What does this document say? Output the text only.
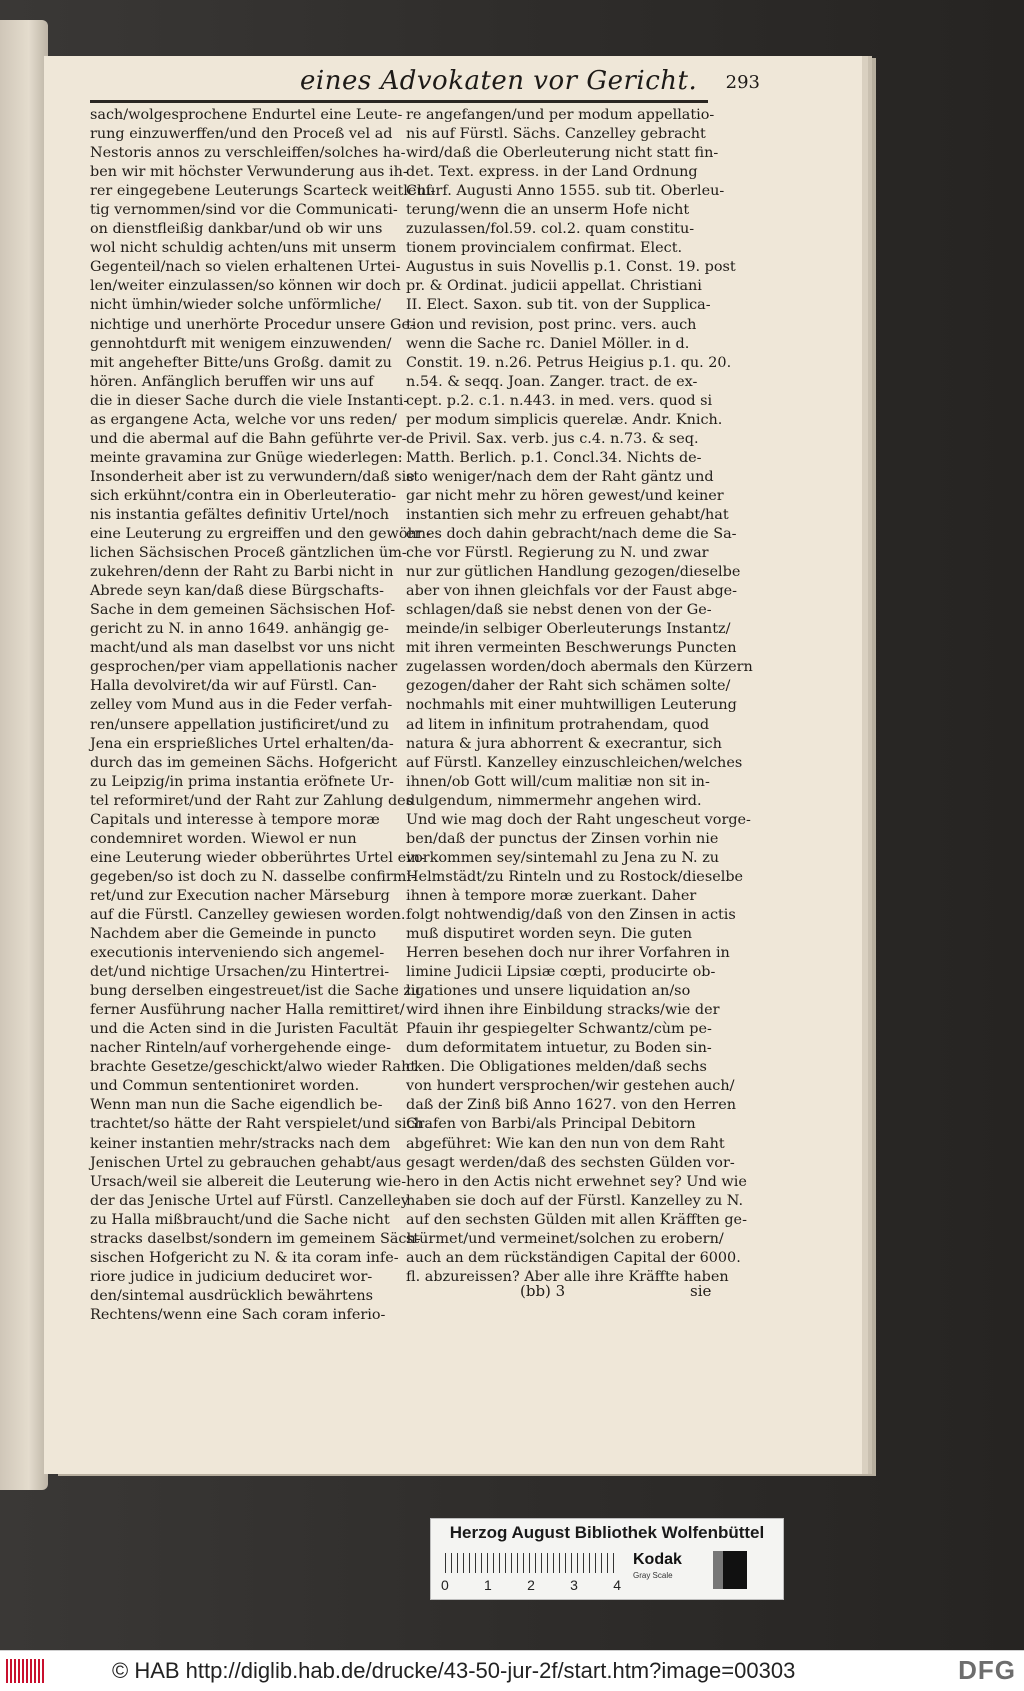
eines Advokaten vor Gericht. 293
sach/wolgesprochene Endurtel eine Leute-
rung einzuwerffen/und den Proceß vel ad
Nestoris annos zu verschleiffen/solches ha-
ben wir mit höchster Verwunderung aus ih-
rer eingegebene Leuterungs Scarteck weitleuf-
tig vernommen/sind vor die Communicati-
on dienstfleißig dankbar/und ob wir uns
wol nicht schuldig achten/uns mit unserm
Gegenteil/nach so vielen erhaltenen Urtei-
len/weiter einzulassen/so können wir doch
nicht ümhin/wieder solche unförmliche/
nichtige und unerhörte Procedur unsere Ge-
gennohtdurft mit wenigem einzuwenden/
mit angehefter Bitte/uns Großg. damit zu
hören. Anfänglich beruffen wir uns auf
die in dieser Sache durch die viele Instanti-
as ergangene Acta, welche vor uns reden/
und die abermal auf die Bahn geführte ver-
meinte gravamina zur Gnüge wiederlegen:
Insonderheit aber ist zu verwundern/daß sie
sich erkühnt/contra ein in Oberleuteratio-
nis instantia gefältes definitiv Urtel/noch
eine Leuterung zu ergreiffen und den gewöhn-
lichen Sächsischen Proceß gäntzlichen üm-
zukehren/denn der Raht zu Barbi nicht in
Abrede seyn kan/daß diese Bürgschafts-
Sache in dem gemeinen Sächsischen Hof-
gericht zu N. in anno 1649. anhängig ge-
macht/und als man daselbst vor uns nicht
gesprochen/per viam appellationis nacher
Halla devolviret/da wir auf Fürstl. Can-
zelley vom Mund aus in die Feder verfah-
ren/unsere appellation justificiret/und zu
Jena ein ersprießliches Urtel erhalten/da-
durch das im gemeinen Sächs. Hofgericht
zu Leipzig/in prima instantia eröfnete Ur-
tel reformiret/und der Raht zur Zahlung des
Capitals und interesse à tempore moræ
condemniret worden. Wiewol er nun
eine Leuterung wieder obberührtes Urtel ein-
gegeben/so ist doch zu N. dasselbe confirmi-
ret/und zur Execution nacher Märseburg
auf die Fürstl. Canzelley gewiesen worden.
Nachdem aber die Gemeinde in puncto
executionis interveniendo sich angemel-
det/und nichtige Ursachen/zu Hintertrei-
bung derselben eingestreuet/ist die Sache zu
ferner Ausführung nacher Halla remittiret/
und die Acten sind in die Juristen Facultät
nacher Rinteln/auf vorhergehende einge-
brachte Gesetze/geschickt/alwo wieder Raht
und Commun sententioniret worden.
Wenn man nun die Sache eigendlich be-
trachtet/so hätte der Raht verspielet/und sich
keiner instantien mehr/stracks nach dem
Jenischen Urtel zu gebrauchen gehabt/aus
Ursach/weil sie albereit die Leuterung wie-
der das Jenische Urtel auf Fürstl. Canzelley
zu Halla mißbraucht/und die Sache nicht
stracks daselbst/sondern im gemeinem Säch-
sischen Hofgericht zu N. & ita coram infe-
riore judice in judicium deduciret wor-
den/sintemal ausdrücklich bewährtens
Rechtens/wenn eine Sach coram inferio-
re angefangen/und per modum appellatio-
nis auf Fürstl. Sächs. Canzelley gebracht
wird/daß die Oberleuterung nicht statt fin-
det. Text. express. in der Land Ordnung
Churf. Augusti Anno 1555. sub tit. Oberleu-
terung/wenn die an unserm Hofe nicht
zuzulassen/fol.59. col.2. quam constitu-
tionem provincialem confirmat. Elect.
Augustus in suis Novellis p.1. Const. 19. post
pr. & Ordinat. judicii appellat. Christiani
II. Elect. Saxon. sub tit. von der Supplica-
tion und revision, post princ. vers. auch
wenn die Sache rc. Daniel Möller. in d.
Constit. 19. n.26. Petrus Heigius p.1. qu. 20.
n.54. & seqq. Joan. Zanger. tract. de ex-
cept. p.2. c.1. n.443. in med. vers. quod si
per modum simplicis querelæ. Andr. Knich.
de Privil. Sax. verb. jus c.4. n.73. & seq.
Matth. Berlich. p.1. Concl.34. Nichts de-
sto weniger/nach dem der Raht gäntz und
gar nicht mehr zu hören gewest/und keiner
instantien sich mehr zu erfreuen gehabt/hat
er es doch dahin gebracht/nach deme die Sa-
che vor Fürstl. Regierung zu N. und zwar
nur zur gütlichen Handlung gezogen/dieselbe
aber von ihnen gleichfals vor der Faust abge-
schlagen/daß sie nebst denen von der Ge-
meinde/in selbiger Oberleuterungs Instantz/
mit ihren vermeinten Beschwerungs Puncten
zugelassen worden/doch abermals den Kürzern
gezogen/daher der Raht sich schämen solte/
nochmahls mit einer muhtwilligen Leuterung
ad litem in infinitum protrahendam, quod
natura & jura abhorrent & execrantur, sich
auf Fürstl. Kanzelley einzuschleichen/welches
ihnen/ob Gott will/cum malitiæ non sit in-
dulgendum, nimmermehr angehen wird.
Und wie mag doch der Raht ungescheut vorge-
ben/daß der punctus der Zinsen vorhin nie
vorkommen sey/sintemahl zu Jena zu N. zu
Helmstädt/zu Rinteln und zu Rostock/dieselbe
ihnen à tempore moræ zuerkant. Daher
folgt nohtwendig/daß von den Zinsen in actis
muß disputiret worden seyn. Die guten
Herren besehen doch nur ihrer Vorfahren in
limine Judicii Lipsiæ cœpti, producirte ob-
ligationes und unsere liquidation an/so
wird ihnen ihre Einbildung stracks/wie der
Pfauin ihr gespiegelter Schwantz/cùm pe-
dum deformitatem intuetur, zu Boden sin-
cken. Die Obligationes melden/daß sechs
von hundert versprochen/wir gestehen auch/
daß der Zinß biß Anno 1627. von den Herren
Grafen von Barbi/als Principal Debitorn
abgeführet: Wie kan den nun von dem Raht
gesagt werden/daß des sechsten Gülden vor-
hero in den Actis nicht erwehnet sey? Und wie
haben sie doch auf der Fürstl. Kanzelley zu N.
auf den sechsten Gülden mit allen Kräfften ge-
stürmet/und vermeinet/solchen zu erobern/
auch an dem rückständigen Capital der 6000.
fl. abzureissen? Aber alle ihre Kräffte haben
(bb) 3	sie
Herzog August Bibliothek Wolfenbüttel
0	1	2	3	4
Kodak
Gray Scale
© HAB http://diglib.hab.de/drucke/43-50-jur-2f/start.htm?image=00303	DFG
